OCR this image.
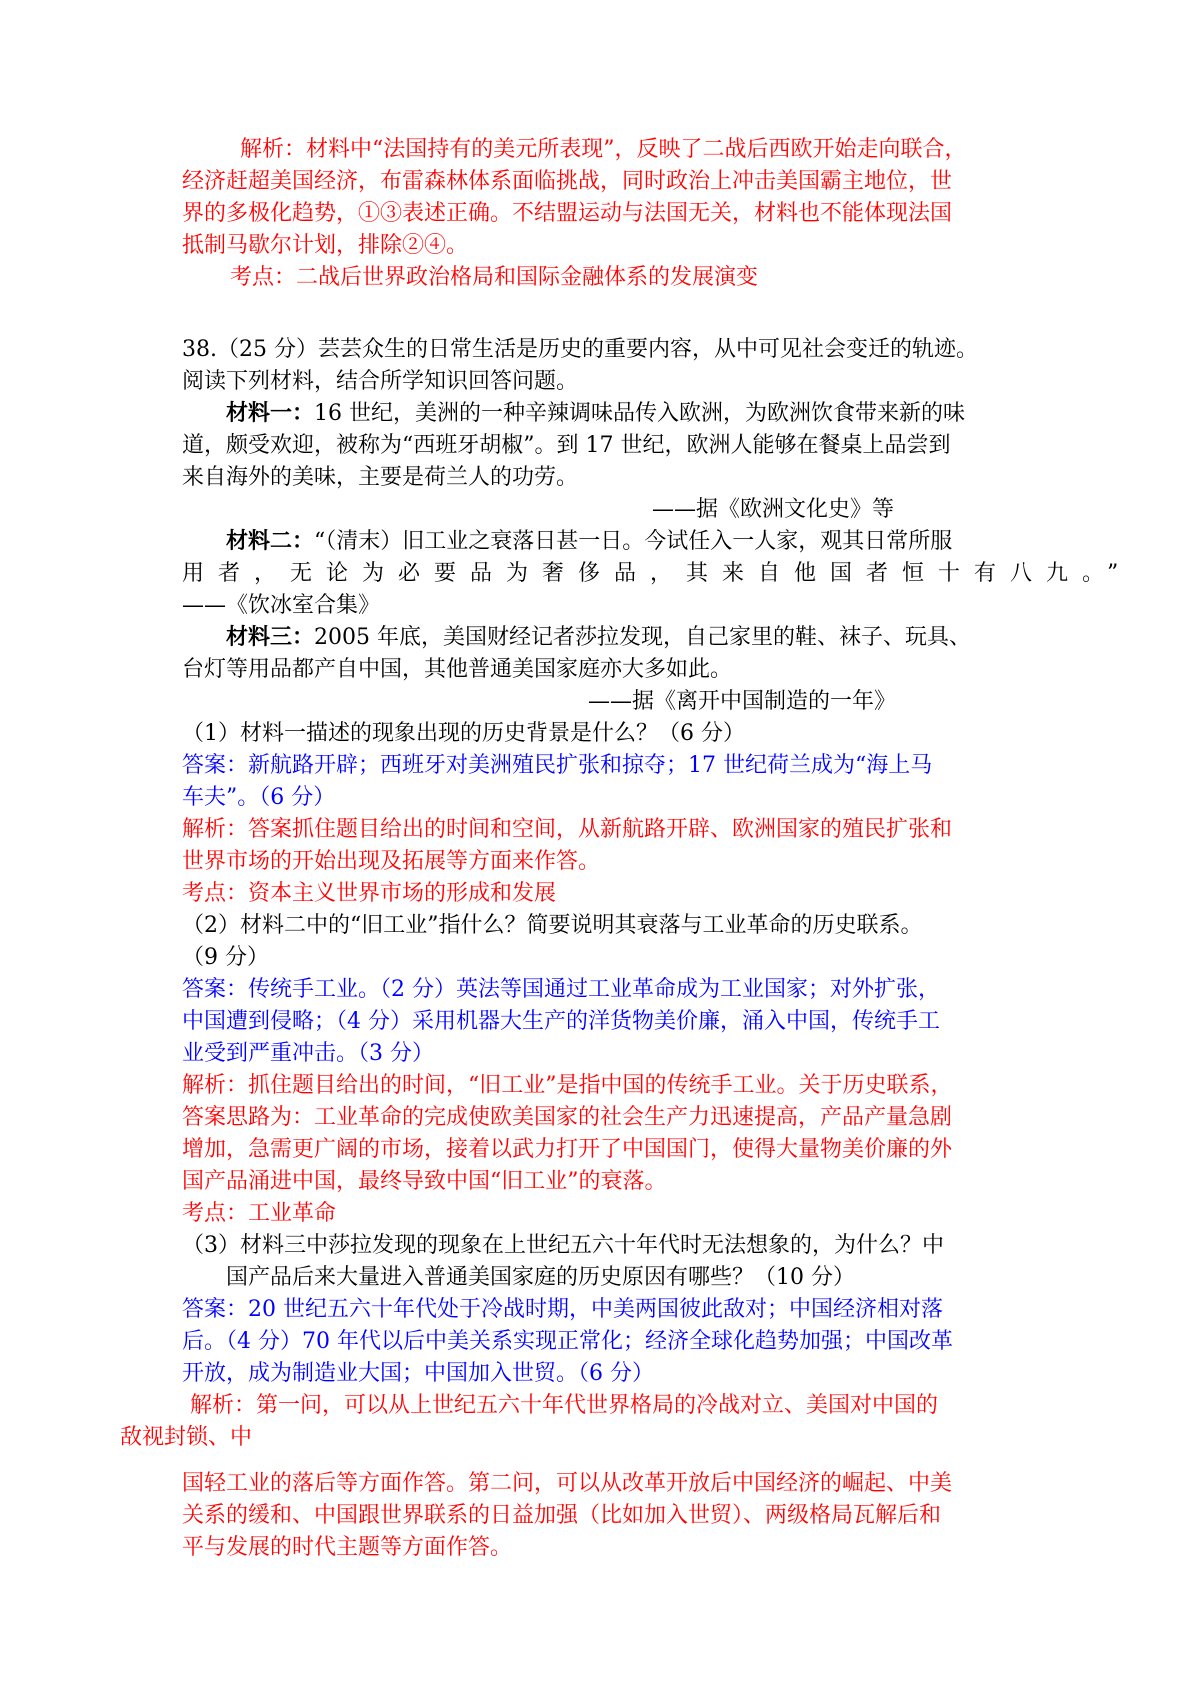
解析：材料中“法国持有的美元所表现”，反映了二战后西欧开始走向联合，
经济赶超美国经济，布雷森林体系面临挑战，同时政治上冲击美国霸主地位，世
界的多极化趋势，①③表述正确。不结盟运动与法国无关，材料也不能体现法国
抵制马歇尔计划，排除②④。
考点：二战后世界政治格局和国际金融体系的发展演变
38.（25 分）芸芸众生的日常生活是历史的重要内容，从中可见社会变迁的轨迹。
阅读下列材料，结合所学知识回答问题。
材料一：16 世纪，美洲的一种辛辣调味品传入欧洲，为欧洲饮食带来新的味
道，颇受欢迎，被称为“西班牙胡椒”。到 17 世纪，欧洲人能够在餐桌上品尝到
来自海外的美味，主要是荷兰人的功劳。
——据《欧洲文化史》等
材料二：“（清末）旧工业之衰落日甚一日。今试任入一人家，观其日常所服
用者，无论为必要品为奢侈品，其来自他国者恒十有八九。”
——《饮冰室合集》
材料三：2005 年底，美国财经记者莎拉发现，自己家里的鞋、袜子、玩具、
台灯等用品都产自中国，其他普通美国家庭亦大多如此。
——据《离开中国制造的一年》
（1）材料一描述的现象出现的历史背景是什么？（6 分）
答案：新航路开辟；西班牙对美洲殖民扩张和掠夺；17 世纪荷兰成为“海上马
车夫”。（6 分）
解析：答案抓住题目给出的时间和空间，从新航路开辟、欧洲国家的殖民扩张和
世界市场的开始出现及拓展等方面来作答。
考点：资本主义世界市场的形成和发展
（2）材料二中的“旧工业”指什么？简要说明其衰落与工业革命的历史联系。
（9 分）
答案：传统手工业。（2 分）英法等国通过工业革命成为工业国家；对外扩张，
中国遭到侵略；（4 分）采用机器大生产的洋货物美价廉，涌入中国，传统手工
业受到严重冲击。（3 分）
解析：抓住题目给出的时间，“旧工业”是指中国的传统手工业。关于历史联系，
答案思路为：工业革命的完成使欧美国家的社会生产力迅速提高，产品产量急剧
增加，急需更广阔的市场，接着以武力打开了中国国门，使得大量物美价廉的外
国产品涌进中国，最终导致中国“旧工业”的衰落。
考点：工业革命
（3）材料三中莎拉发现的现象在上世纪五六十年代时无法想象的，为什么？中
国产品后来大量进入普通美国家庭的历史原因有哪些？（10 分）
答案：20 世纪五六十年代处于冷战时期，中美两国彼此敌对；中国经济相对落
后。（4 分）70 年代以后中美关系实现正常化；经济全球化趋势加强；中国改革
开放，成为制造业大国；中国加入世贸。（6 分）
解析：第一问，可以从上世纪五六十年代世界格局的冷战对立、美国对中国的
敌视封锁、中
国轻工业的落后等方面作答。第二问，可以从改革开放后中国经济的崛起、中美
关系的缓和、中国跟世界联系的日益加强（比如加入世贸）、两级格局瓦解后和
平与发展的时代主题等方面作答。
